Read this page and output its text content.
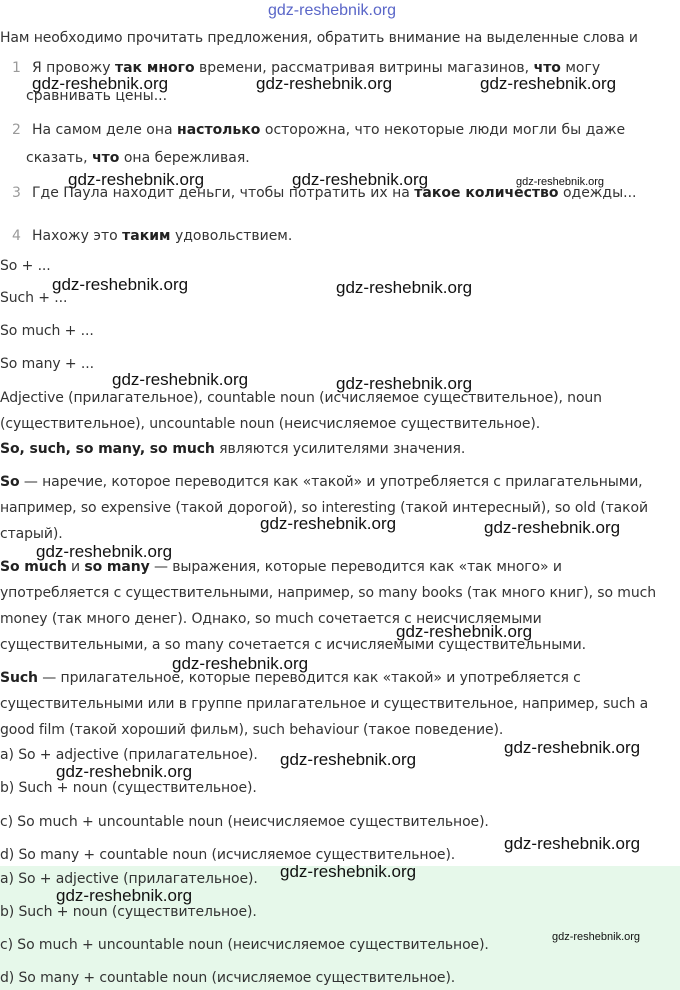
gdz-reshebnik.org
Нам необходимо прочитать предложения, обратить внимание на выделенные слова и
1 Я провожу так много времени, рассматривая витрины магазинов, что могу
сравнивать цены...
2 На самом деле она настолько осторожна, что некоторые люди могли бы даже
сказать, что она бережливая.
3 Где Паула находит деньги, чтобы потратить их на такое количество одежды...
4 Нахожу это таким удовольствием.
So + ...
Such + ...
So much + ...
So many + ...
Adjective (прилагательное), countable noun (исчисляемое существительное), noun
(существительное), uncountable noun (неисчисляемое существительное).
So, such, so many, so much являются усилителями значения.
So — наречие, которое переводится как «такой» и употребляется с прилагательными,
например, so expensive (такой дорогой), so interesting (такой интересный), so old (такой
старый).
So much и so many — выражения, которые переводится как «так много» и
употребляется с существительными, например, so many books (так много книг), so much
money (так много денег). Однако, so much сочетается с неисчисляемыми
существительными, а so many сочетается с исчисляемыми существительными.
Such — прилагательное, которые переводится как «такой» и употребляется с
существительными или в группе прилагательное и существительное, например, such a
good film (такой хороший фильм), such behaviour (такое поведение).
a) So + adjective (прилагательное).
b) Such + noun (существительное).
c) So much + uncountable noun (неисчисляемое существительное).
d) So many + countable noun (исчисляемое существительное).
a) So + adjective (прилагательное).
b) Such + noun (существительное).
c) So much + uncountable noun (неисчисляемое существительное).
d) So many + countable noun (исчисляемое существительное).
gdz-reshebnik.org	gdz-reshebnik.org	gdz-reshebnik.org
gdz-reshebnik.org	gdz-reshebnik.org	gdz-reshebnik.org
gdz-reshebnik.org	gdz-reshebnik.org
gdz-reshebnik.org	gdz-reshebnik.org
gdz-reshebnik.org	gdz-reshebnik.org
gdz-reshebnik.org
gdz-reshebnik.org
gdz-reshebnik.org
gdz-reshebnik.org
gdz-reshebnik.org
gdz-reshebnik.org
gdz-reshebnik.org
gdz-reshebnik.org
gdz-reshebnik.org
gdz-reshebnik.org
